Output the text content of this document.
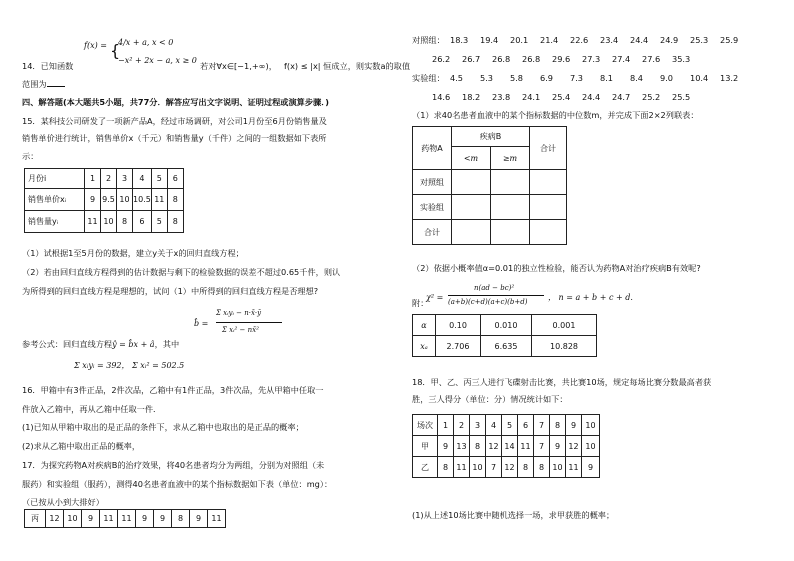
14．已知函数
f(x) = {
4/x + a, x < 0
−x² + 2x − a, x ≥ 0
若对∀x∈[−1,+∞)， f(x) ≤ |x| 恒成立，则实数a的取值
范围为
四、解答题(本大题共5小题，共77分．解答应写出文字说明、证明过程或演算步骤．)
15．某科技公司研发了一项新产品A，经过市场调研，对公司1月份至6月份销售量及
销售单价进行统计，销售单价x（千元）和销售量y（千件）之间的一组数据如下表所
示：
月份i	1	2	3	4	5	6
销售单价xᵢ	9	9.5	10	10.5	11	8
销售量yᵢ	11	10	8	6	5	8
（1）试根据1至5月份的数据，建立y关于x的回归直线方程；
（2）若由回归直线方程得到的估计数据与剩下的检验数据的误差不超过0.65千件，则认
为所得到的回归直线方程是理想的，试问（1）中所得到的回归直线方程是否理想?
b̂ =
Σ xᵢyᵢ − n·x̄·ȳ
Σ xᵢ² − nx̄²
参考公式：回归直线方程ŷ = b̂x + â，其中
Σ xᵢyᵢ = 392， Σ xᵢ² = 502.5
16．甲箱中有3件正品，2件次品，乙箱中有1件正品，3件次品，先从甲箱中任取一
件放入乙箱中，再从乙箱中任取一件．
(1)已知从甲箱中取出的是正品的条件下，求从乙箱中也取出的是正品的概率；
(2)求从乙箱中取出正品的概率，
17．为探究药物A对疾病B的治疗效果，将40名患者均分为两组，分别为对照组（未
服药）和实验组（服药），测得40名患者血液中的某个指标数据如下表（单位：mg）：
（已按从小到大排好）
丙	12	10	9	11	11	9	9	8	9	11
对照组： 18.3 19.4 20.1 21.4 22.6 23.4 24.4 24.9 25.3 25.9
26.2 26.7 26.8 26.8 29.6 27.3 27.4 27.6 35.3
实验组： 4.5 5.3 5.8 6.9 7.3 8.1 8.4 9.0 10.4 13.2
14.6 18.2 23.8 24.1 25.4 24.4 24.7 25.2 25.5
（1）求40名患者血液中的某个指标数据的中位数m，并完成下面2×2列联表：
药物A	疾病B		合计
	<m	≥m	
对照组			
实验组			
合计			
（2）依据小概率值α=0.01的独立性检验，能否认为药物A对治疗疾病B有效呢?
附：
χ² =
n(ad − bc)²
(a+b)(c+d)(a+c)(b+d)	， n = a + b + c + d.
α	0.10	0.010	0.001
xₐ	2.706	6.635	10.828
18．甲、乙、丙三人进行飞碟射击比赛，共比赛10场，规定每场比赛分数最高者获
胜，三人得分（单位：分）情况统计如下：
场次	1	2	3	4	5	6	7	8	9	10
甲	9	13	8	12	14	11	7	9	12	10
乙	8	11	10	7	12	8	8	10	11	9
(1)从上述10场比赛中随机选择一场，求甲获胜的概率；
